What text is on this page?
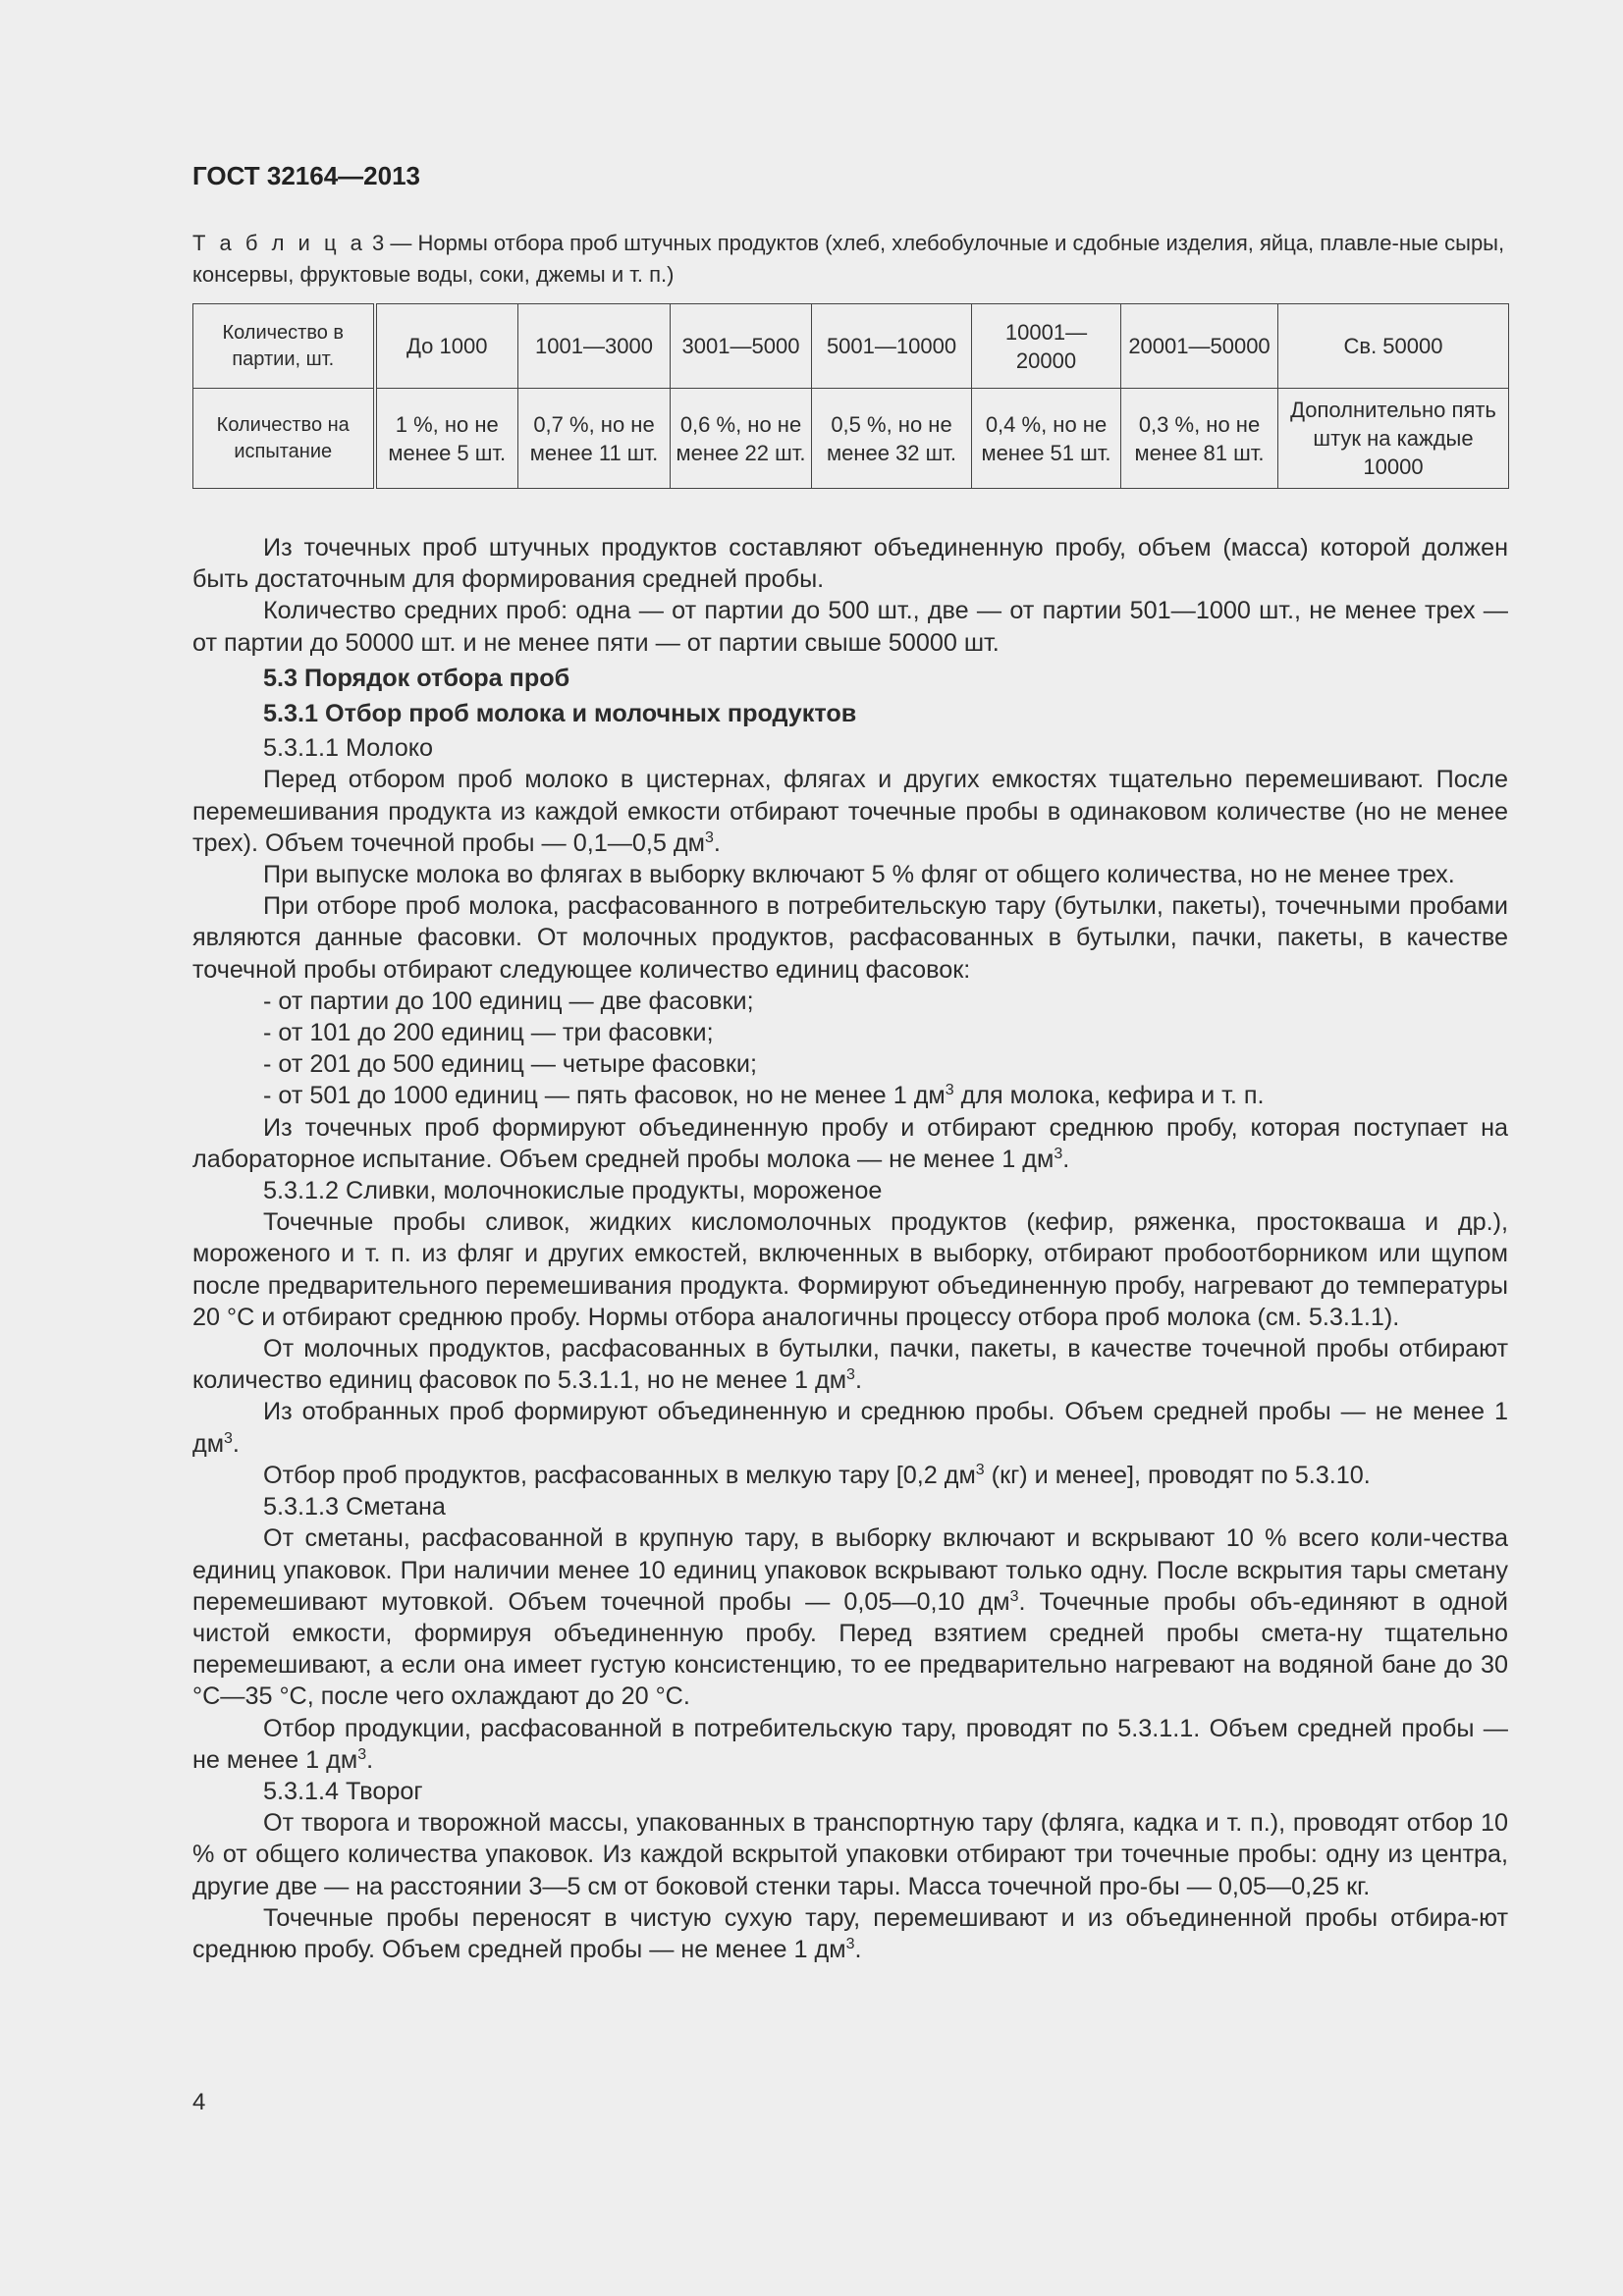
ГОСТ 32164—2013
Т а б л и ц а 3 — Нормы отбора проб штучных продуктов (хлеб, хлебобулочные и сдобные изделия, яйца, плавле-ные сыры, консервы, фруктовые воды, соки, джемы и т. п.)
Количество в партии, шт.	До 1000	1001—3000	3001—5000	5001—10000	10001—20000	20001—50000	Св. 50000
Количество на испытание	1 %, но не менее 5 шт.	0,7 %, но не менее 11 шт.	0,6 %, но не менее 22 шт.	0,5 %, но не менее 32 шт.	0,4 %, но не менее 51 шт.	0,3 %, но не менее 81 шт.	Дополнительно пять штук на каждые 10000

Из точечных проб штучных продуктов составляют объединенную пробу, объем (масса) которой должен быть достаточным для формирования средней пробы.

Количество средних проб: одна — от партии до 500 шт., две — от партии 501—1000 шт., не менее трех — от партии до 50000 шт. и не менее пяти — от партии свыше 50000 шт.

5.3 Порядок отбора проб

5.3.1 Отбор проб молока и молочных продуктов

5.3.1.1 Молоко

Перед отбором проб молоко в цистернах, флягах и других емкостях тщательно перемешивают. После перемешивания продукта из каждой емкости отбирают точечные пробы в одинаковом количестве (но не менее трех). Объем точечной пробы — 0,1—0,5 $дм^3$.

При выпуске молока во флягах в выборку включают 5 % фляг от общего количества, но не менее трех.

При отборе проб молока, расфасованного в потребительскую тару (бутылки, пакеты), точечными пробами являются данные фасовки. От молочных продуктов, расфасованных в бутылки, пачки, пакеты, в качестве точечной пробы отбирают следующее количество единиц фасовок:

- от партии до 100 единиц — две фасовки;

- от 101 до 200 единиц — три фасовки;

- от 201 до 500 единиц — четыре фасовки;

- от 501 до 1000 единиц — пять фасовок, но не менее 1 $дм^3$ для молока, кефира и т. п.

Из точечных проб формируют объединенную пробу и отбирают среднюю пробу, которая поступает на лабораторное испытание. Объем средней пробы молока — не менее 1 $дм^3$.

5.3.1.2 Сливки, молочнокислые продукты, мороженое

Точечные пробы сливок, жидких кисломолочных продуктов (кефир, ряженка, простокваша и др.), мороженого и т. п. из фляг и других емкостей, включенных в выборку, отбирают пробоотборником или щупом после предварительного перемешивания продукта. Формируют объединенную пробу, нагревают до температуры 20 °С и отбирают среднюю пробу. Нормы отбора аналогичны процессу отбора проб молока (см. 5.3.1.1).

От молочных продуктов, расфасованных в бутылки, пачки, пакеты, в качестве точечной пробы отбирают количество единиц фасовок по 5.3.1.1, но не менее 1 $дм^3$.

Из отобранных проб формируют объединенную и среднюю пробы. Объем средней пробы — не менее 1 $дм^3$.

Отбор проб продуктов, расфасованных в мелкую тару [0,2 $дм^3$ (кг) и менее], проводят по 5.3.10.

5.3.1.3 Сметана

От сметаны, расфасованной в крупную тару, в выборку включают и вскрывают 10 % всего коли-чества единиц упаковок. При наличии менее 10 единиц упаковок вскрывают только одну. После вскрытия тары сметану перемешивают мутовкой. Объем точечной пробы — 0,05—0,10 $дм^3$. Точечные пробы объ-единяют в одной чистой емкости, формируя объединенную пробу. Перед взятием средней пробы смета-ну тщательно перемешивают, а если она имеет густую консистенцию, то ее предварительно нагревают на водяной бане до 30 °С—35 °С, после чего охлаждают до 20 °С.

Отбор продукции, расфасованной в потребительскую тару, проводят по 5.3.1.1. Объем средней пробы — не менее 1 $дм^3$.

5.3.1.4 Творог

От творога и творожной массы, упакованных в транспортную тару (фляга, кадка и т. п.), проводят отбор 10 % от общего количества упаковок. Из каждой вскрытой упаковки отбирают три точечные пробы: одну из центра, другие две — на расстоянии 3—5 см от боковой стенки тары. Масса точечной про-бы — 0,05—0,25 кг.

Точечные пробы переносят в чистую сухую тару, перемешивают и из объединенной пробы отбира-ют среднюю пробу. Объем средней пробы — не менее 1 $дм^3$.

4
